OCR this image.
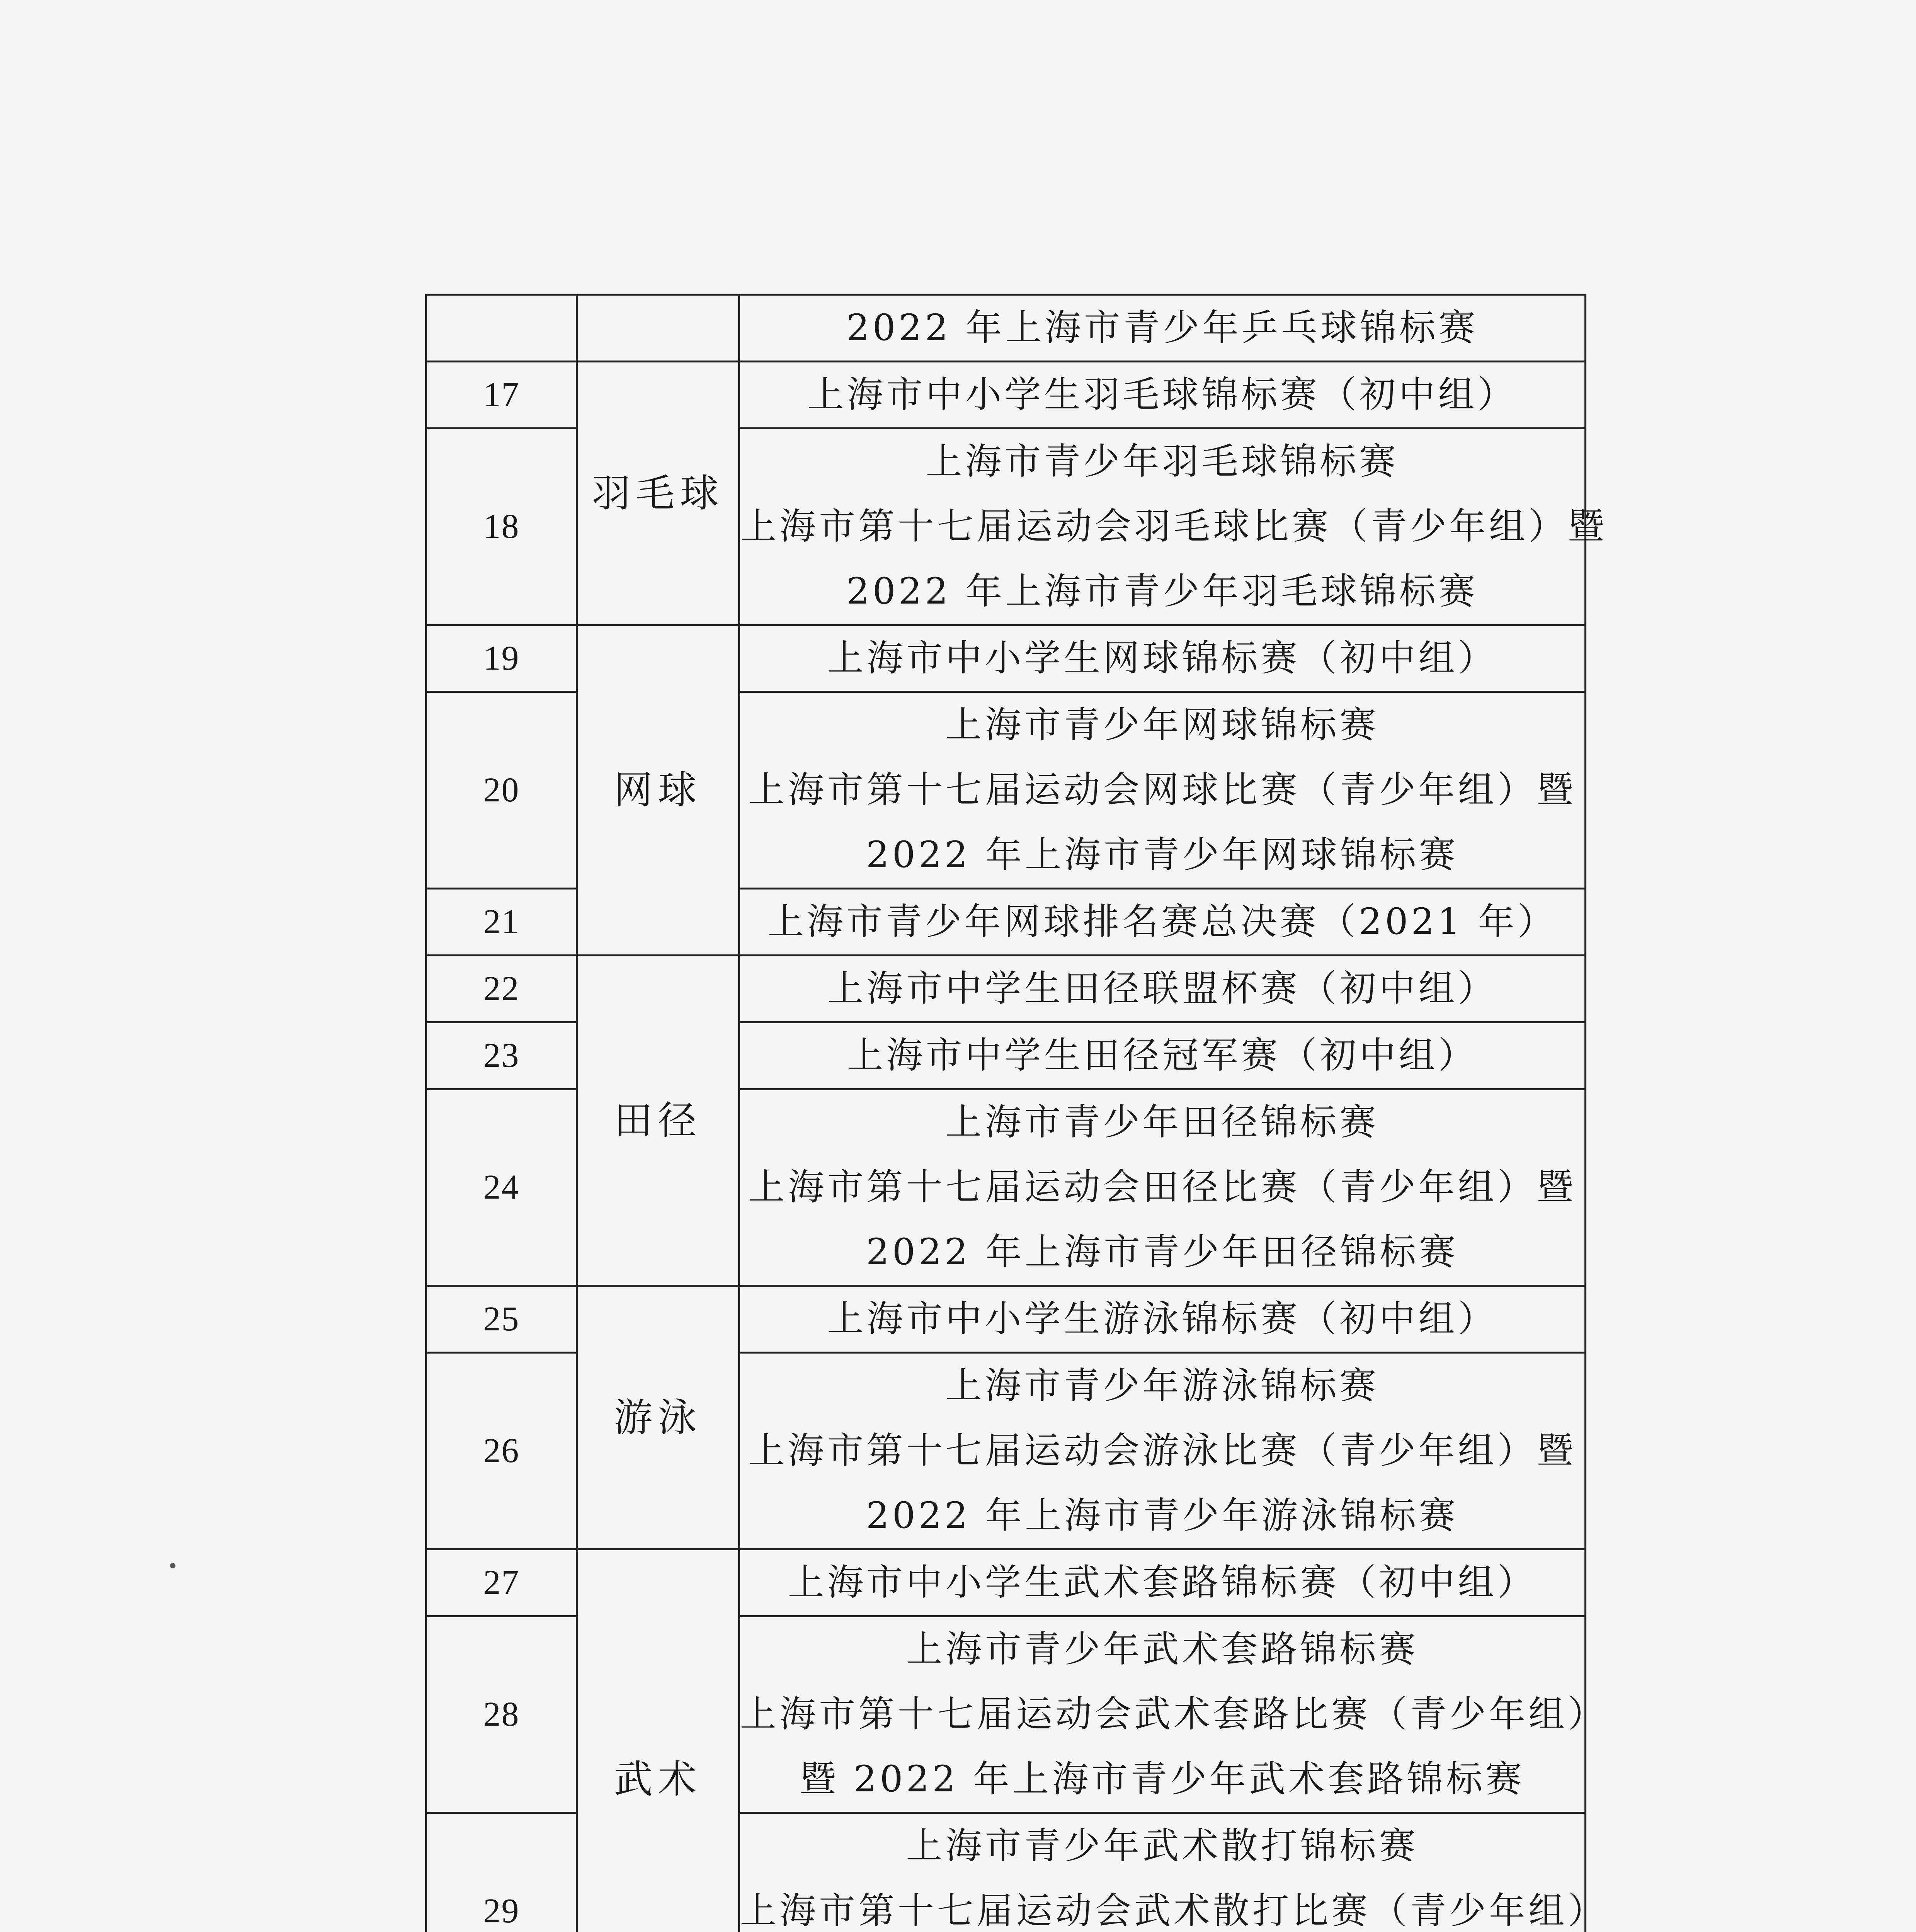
		2022 年上海市青少年乒乓球锦标赛

17	羽毛球	上海市中小学生羽毛球锦标赛（初中组）

18		上海市青少年羽毛球锦标赛
上海市第十七届运动会羽毛球比赛（青少年组）暨
2022 年上海市青少年羽毛球锦标赛

19	网球	上海市中小学生网球锦标赛（初中组）

20		上海市青少年网球锦标赛
上海市第十七届运动会网球比赛（青少年组）暨
2022 年上海市青少年网球锦标赛

21		上海市青少年网球排名赛总决赛（2021 年）

22	田径	上海市中学生田径联盟杯赛（初中组）

23		上海市中学生田径冠军赛（初中组）

24		上海市青少年田径锦标赛
上海市第十七届运动会田径比赛（青少年组）暨
2022 年上海市青少年田径锦标赛

25	游泳	上海市中小学生游泳锦标赛（初中组）

26		上海市青少年游泳锦标赛
上海市第十七届运动会游泳比赛（青少年组）暨
2022 年上海市青少年游泳锦标赛

27	武术	上海市中小学生武术套路锦标赛（初中组）

28		上海市青少年武术套路锦标赛
上海市第十七届运动会武术套路比赛（青少年组）
暨 2022 年上海市青少年武术套路锦标赛

29		上海市青少年武术散打锦标赛
上海市第十七届运动会武术散打比赛（青少年组）
